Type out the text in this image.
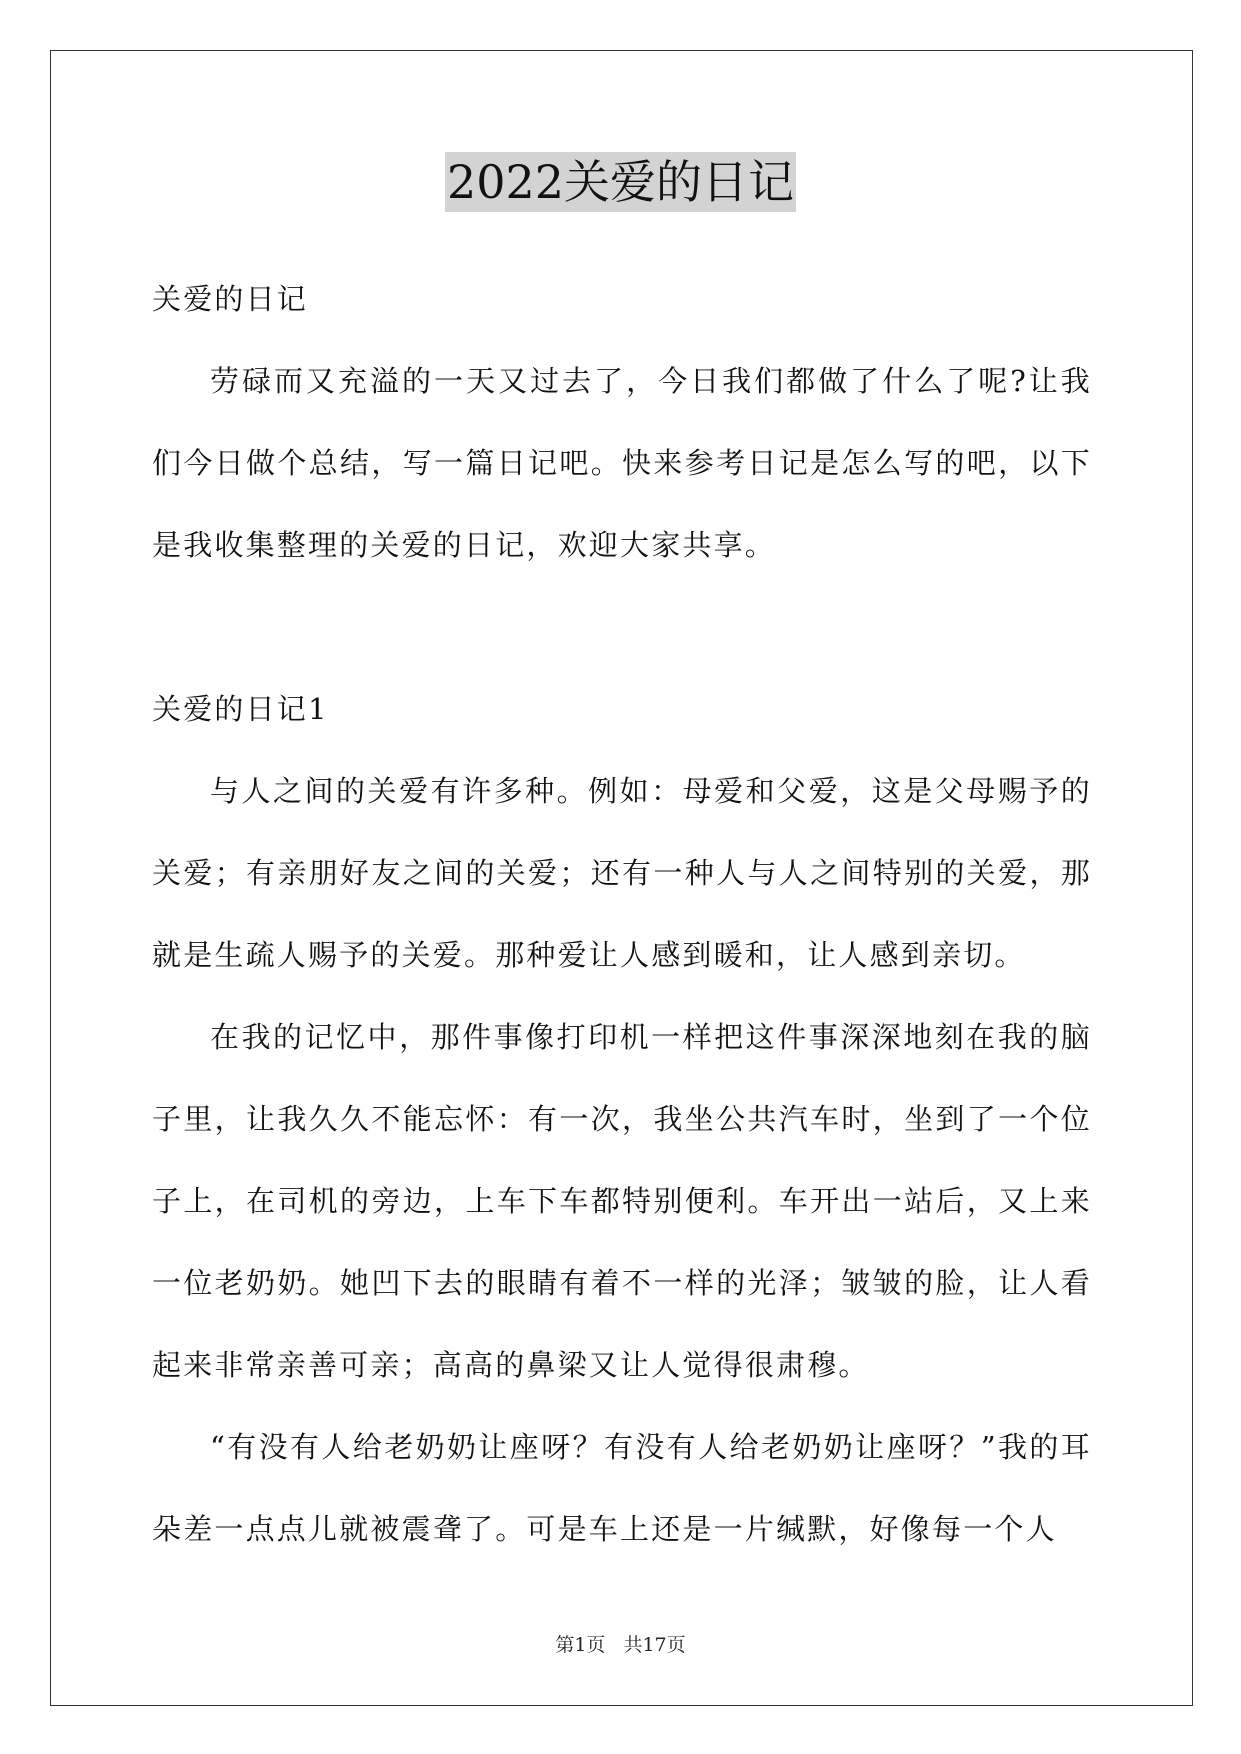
2022关爱的日记

关爱的日记

劳碌而又充溢的一天又过去了，今日我们都做了什么了呢?让我们今日做个总结，写一篇日记吧。快来参考日记是怎么写的吧，以下是我收集整理的关爱的日记，欢迎大家共享。

关爱的日记1

与人之间的关爱有许多种。例如：母爱和父爱，这是父母赐予的关爱；有亲朋好友之间的关爱；还有一种人与人之间特别的关爱，那就是生疏人赐予的关爱。那种爱让人感到暖和，让人感到亲切。

在我的记忆中，那件事像打印机一样把这件事深深地刻在我的脑子里，让我久久不能忘怀：有一次，我坐公共汽车时，坐到了一个位子上，在司机的旁边，上车下车都特别便利。车开出一站后，又上来一位老奶奶。她凹下去的眼睛有着不一样的光泽；皱皱的脸，让人看起来非常亲善可亲；高高的鼻梁又让人觉得很肃穆。

“有没有人给老奶奶让座呀？有没有人给老奶奶让座呀？”我的耳朵差一点点儿就被震聋了。可是车上还是一片缄默，好像每一个人

第1页 共17页
